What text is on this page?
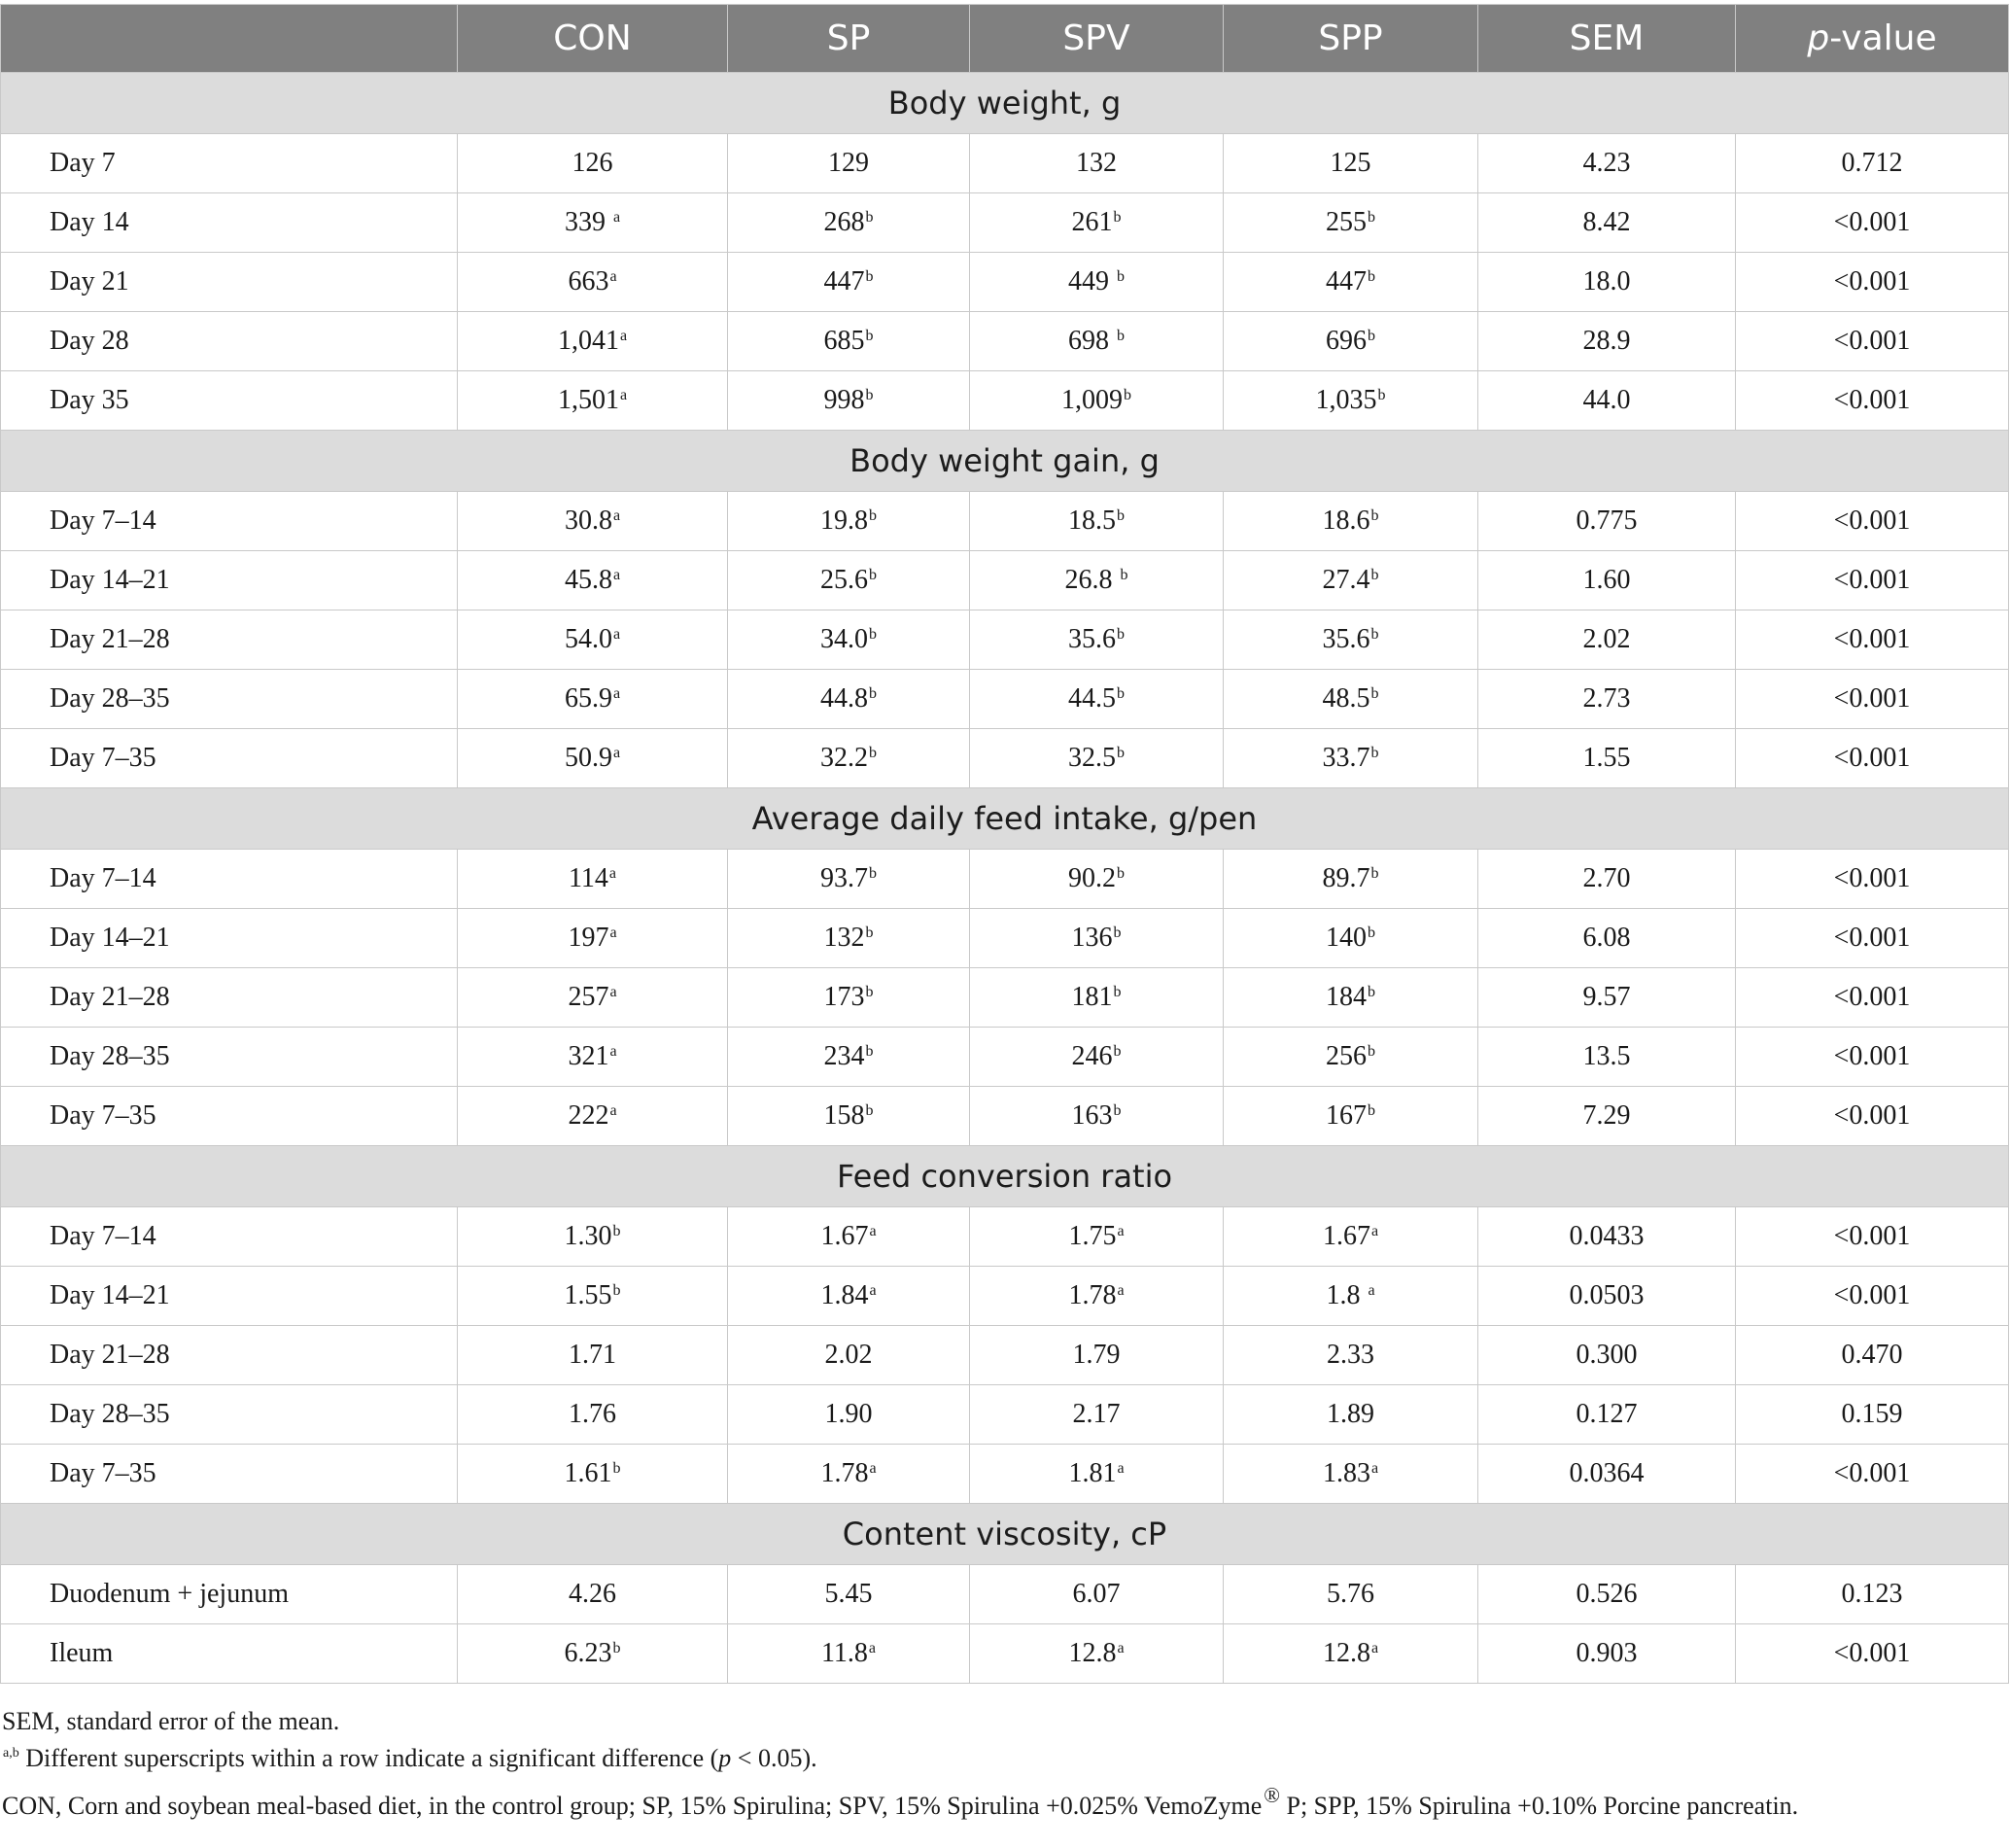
	CON	SP	SPV	SPP	SEM	p-value
Body weight, g						
Day 7	126	129	132	125	4.23	0.712
Day 14	339 $^a$	268$^b$	261$^b$	255$^b$	8.42	<0.001
Day 21	663$^a$	447$^b$	449 $^b$	447$^b$	18.0	<0.001
Day 28	1,041$^a$	685$^b$	698 $^b$	696$^b$	28.9	<0.001
Day 35	1,501$^a$	998$^b$	1,009$^b$	1,035$^b$	44.0	<0.001
Body weight gain, g						
Day 7–14	30.8$^a$	19.8$^b$	18.5$^b$	18.6$^b$	0.775	<0.001
Day 14–21	45.8$^a$	25.6$^b$	26.8 $^b$	27.4$^b$	1.60	<0.001
Day 21–28	54.0$^a$	34.0$^b$	35.6$^b$	35.6$^b$	2.02	<0.001
Day 28–35	65.9$^a$	44.8$^b$	44.5$^b$	48.5$^b$	2.73	<0.001
Day 7–35	50.9$^a$	32.2$^b$	32.5$^b$	33.7$^b$	1.55	<0.001
Average daily feed intake, g/pen						
Day 7–14	114$^a$	93.7$^b$	90.2$^b$	89.7$^b$	2.70	<0.001
Day 14–21	197$^a$	132$^b$	136$^b$	140$^b$	6.08	<0.001
Day 21–28	257$^a$	173$^b$	181$^b$	184$^b$	9.57	<0.001
Day 28–35	321$^a$	234$^b$	246$^b$	256$^b$	13.5	<0.001
Day 7–35	222$^a$	158$^b$	163$^b$	167$^b$	7.29	<0.001
Feed conversion ratio						
Day 7–14	1.30$^b$	1.67$^a$	1.75$^a$	1.67$^a$	0.0433	<0.001
Day 14–21	1.55$^b$	1.84$^a$	1.78$^a$	1.8 $^a$	0.0503	<0.001
Day 21–28	1.71	2.02	1.79	2.33	0.300	0.470
Day 28–35	1.76	1.90	2.17	1.89	0.127	0.159
Day 7–35	1.61$^b$	1.78$^a$	1.81$^a$	1.83$^a$	0.0364	<0.001
Content viscosity, cP						
Duodenum + jejunum	4.26	5.45	6.07	5.76	0.526	0.123
Ileum	6.23$^b$	11.8$^a$	12.8$^a$	12.8$^a$	0.903	<0.001
SEM, standard error of the mean.
$^{a,b}$ Different superscripts within a row indicate a significant difference (p < 0.05).
CON, Corn and soybean meal-based diet, in the control group; SP, 15% Spirulina; SPV, 15% Spirulina +0.025% VemoZyme® P; SPP, 15% Spirulina +0.10% Porcine pancreatin.
